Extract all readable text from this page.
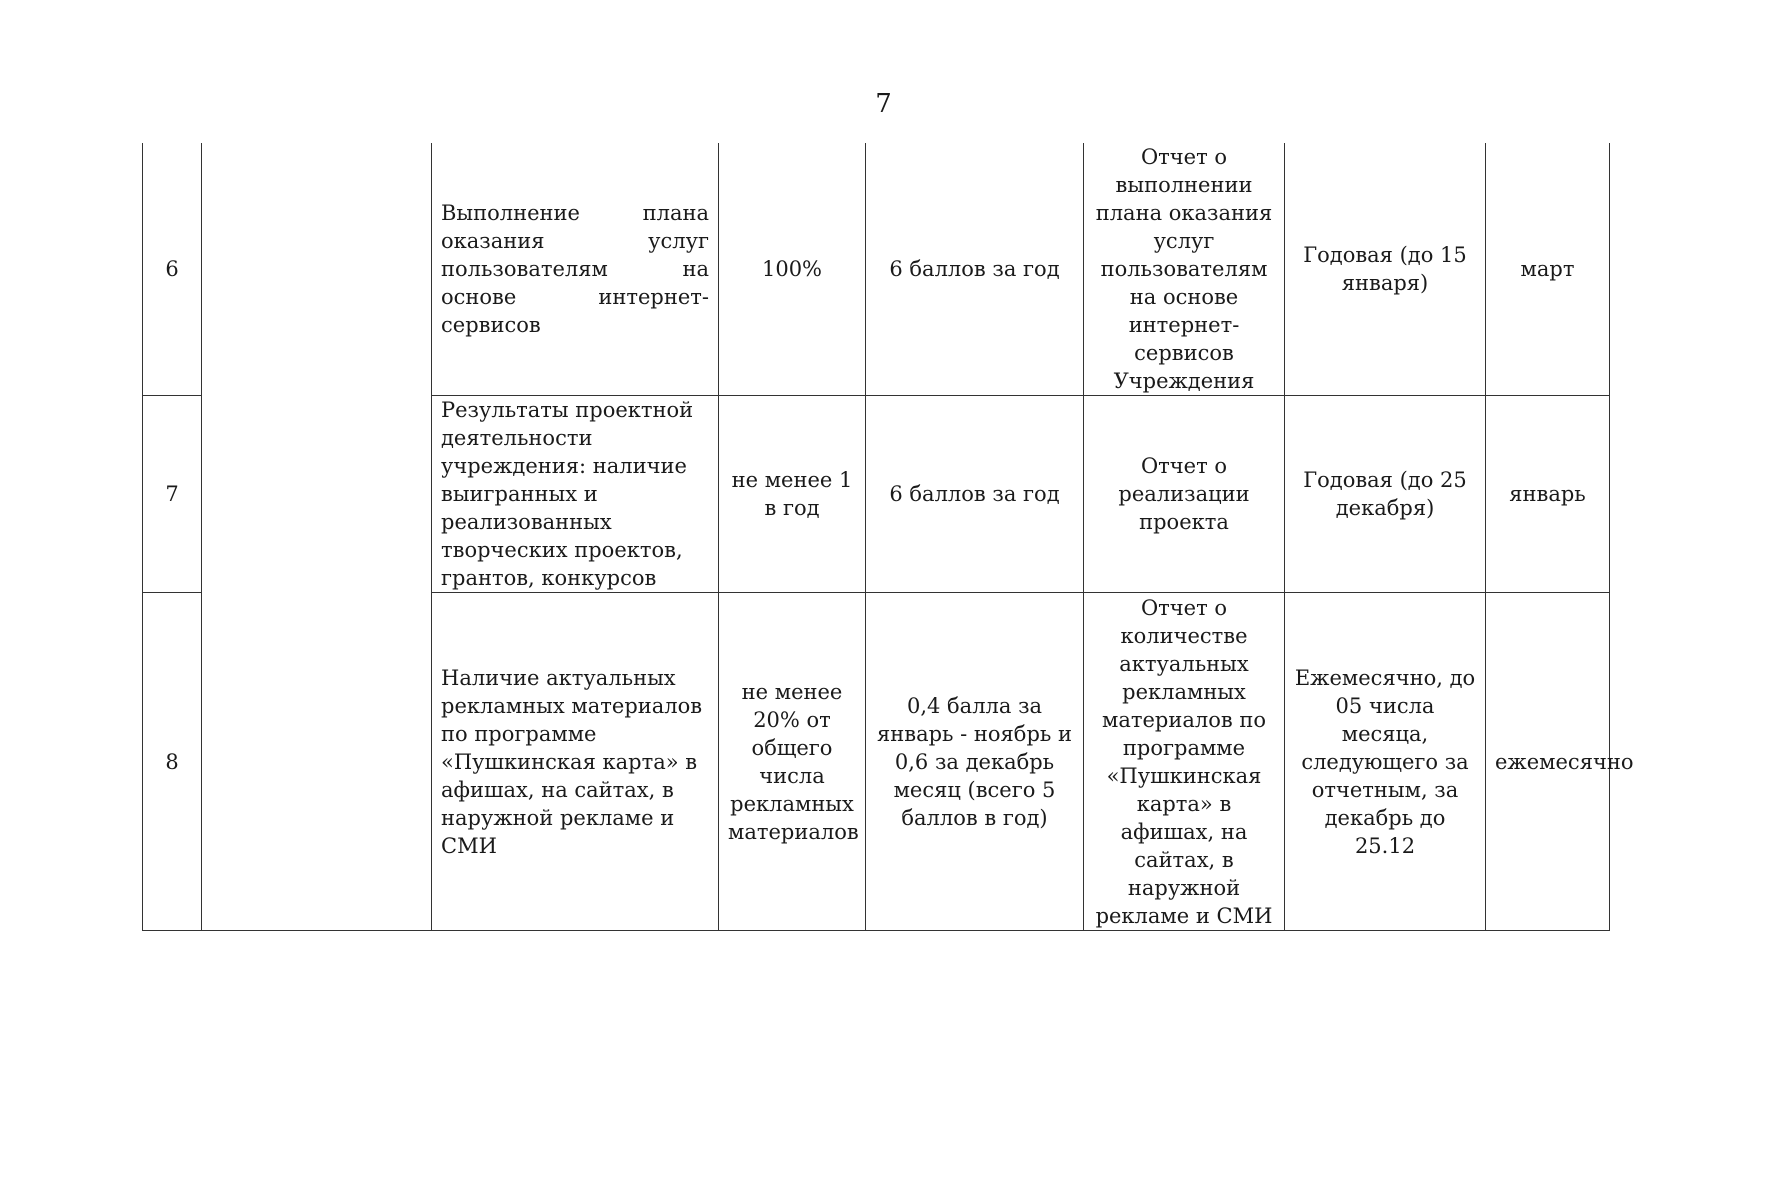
7
6		Выполнение плана оказания услуг пользователям на основе интернет-сервисов	100%	6 баллов за год	Отчет о выполнении плана оказания услуг пользователям на основе интернет-сервисов Учреждения	Годовая (до 15 января)	март
7		Результаты проектной деятельности учреждения: наличие выигранных и реализованных творческих проектов, грантов, конкурсов	не менее 1 в год	6 баллов за год	Отчет о реализации проекта	Годовая (до 25 декабря)	январь
8		Наличие актуальных рекламных материалов по программе «Пушкинская карта» в афишах, на сайтах, в наружной рекламе и СМИ	не менее 20% от общего числа рекламных материалов	0,4 балла за январь - ноябрь и 0,6 за декабрь месяц (всего 5 баллов в год)	Отчет о количестве актуальных рекламных материалов по программе «Пушкинская карта» в афишах, на сайтах, в наружной рекламе и СМИ	Ежемесячно, до 05 числа месяца, следующего за отчетным, за декабрь до 25.12	ежемесячно
